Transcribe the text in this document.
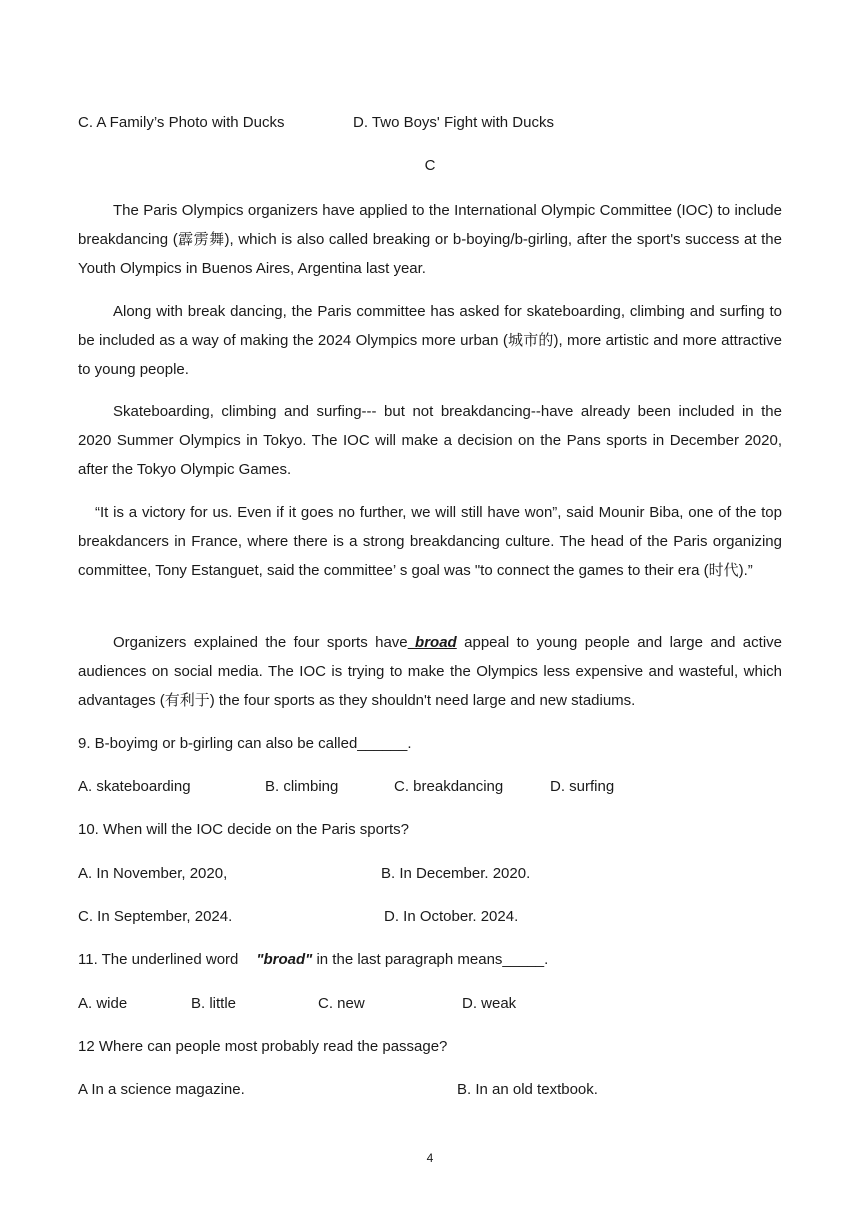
C. A Family’s Photo with Ducks	D. Two Boys' Fight with Ducks
C
The Paris Olympics organizers have applied to the International Olympic Committee (IOC) to include breakdancing (霹雳舞), which is also called breaking or b-boying/b-girling, after the sport's success at the Youth Olympics in Buenos Aires, Argentina last year.
Along with break dancing, the Paris committee has asked for skateboarding, climbing and surfing to be included as a way of making the 2024 Olympics more urban (城市的), more artistic and more attractive to young people.
Skateboarding, climbing and surfing--- but not breakdancing--have already been included in the 2020 Summer Olympics in Tokyo. The IOC will make a decision on the Pans sports in December 2020, after the Tokyo Olympic Games.
“It is a victory for us. Even if it goes no further, we will still have won”, said Mounir Biba, one of the top breakdancers in France, where there is a strong breakdancing culture. The head of the Paris organizing committee, Tony Estanguet, said the committee’ s goal was "to connect the games to their era (时代).”
Organizers explained the four sports have broad appeal to young people and large and active audiences on social media. The IOC is trying to make the Olympics less expensive and wasteful, which advantages (有利于) the four sports as they shouldn't need large and new stadiums.
9. B-boyimg or b-girling can also be called______.
A. skateboarding	B. climbing	C. breakdancing	D. surfing
10. When will the IOC decide on the Paris sports?
A. In November, 2020,	B. In December. 2020.
C. In September, 2024.	D. In October. 2024.
11. The underlined word "broad" in the last paragraph means_____.
A. wide	B. little	C. new	D. weak
12 Where can people most probably read the passage?
A In a science magazine.	B. In an old textbook.
4
